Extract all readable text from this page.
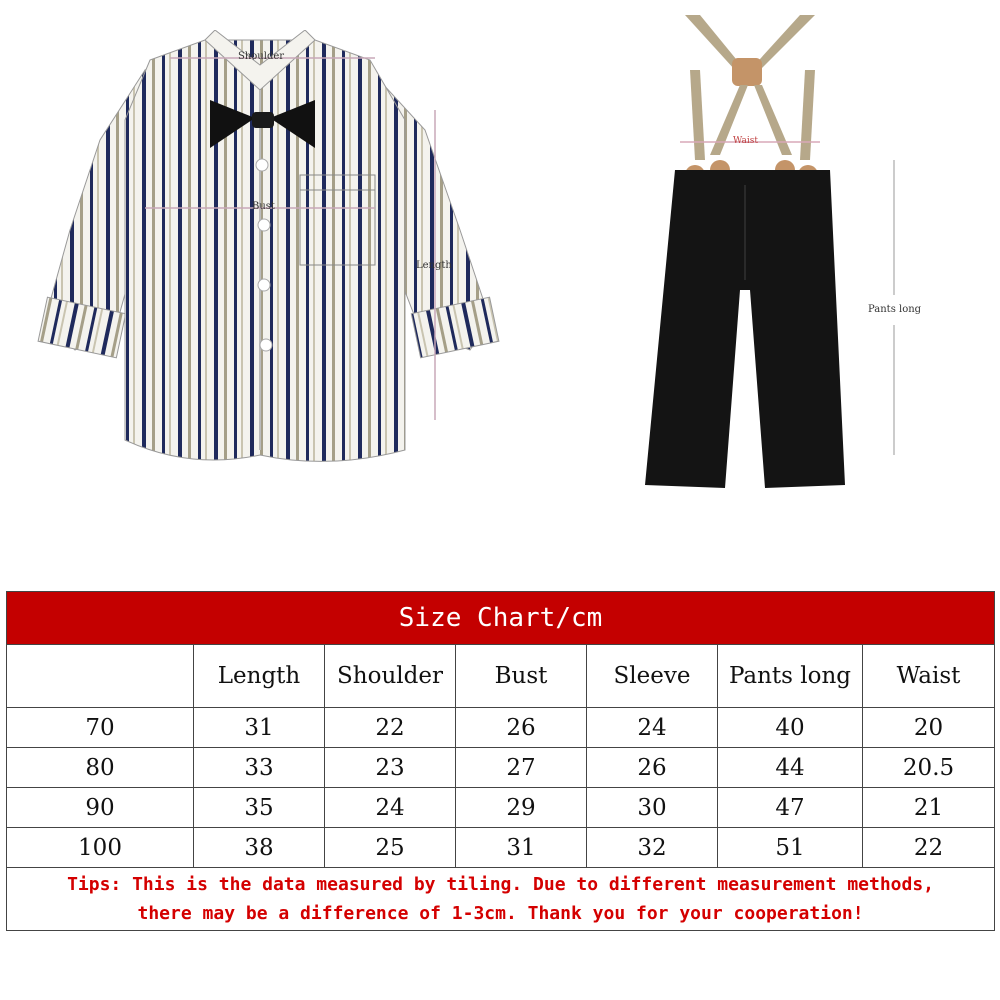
Shoulder
Bust
Length
Waist
Pants long
Size Chart/cm						
	Length	Shoulder	Bust	Sleeve	Pants long	Waist
70	31	22	26	24	40	20
80	33	23	27	26	44	20.5
90	35	24	29	30	47	21
100	38	25	31	32	51	22

Tips: This is the data measured by tiling. Due to different measurement methods,
there may be a difference of 1-3cm. Thank you for your cooperation!						
